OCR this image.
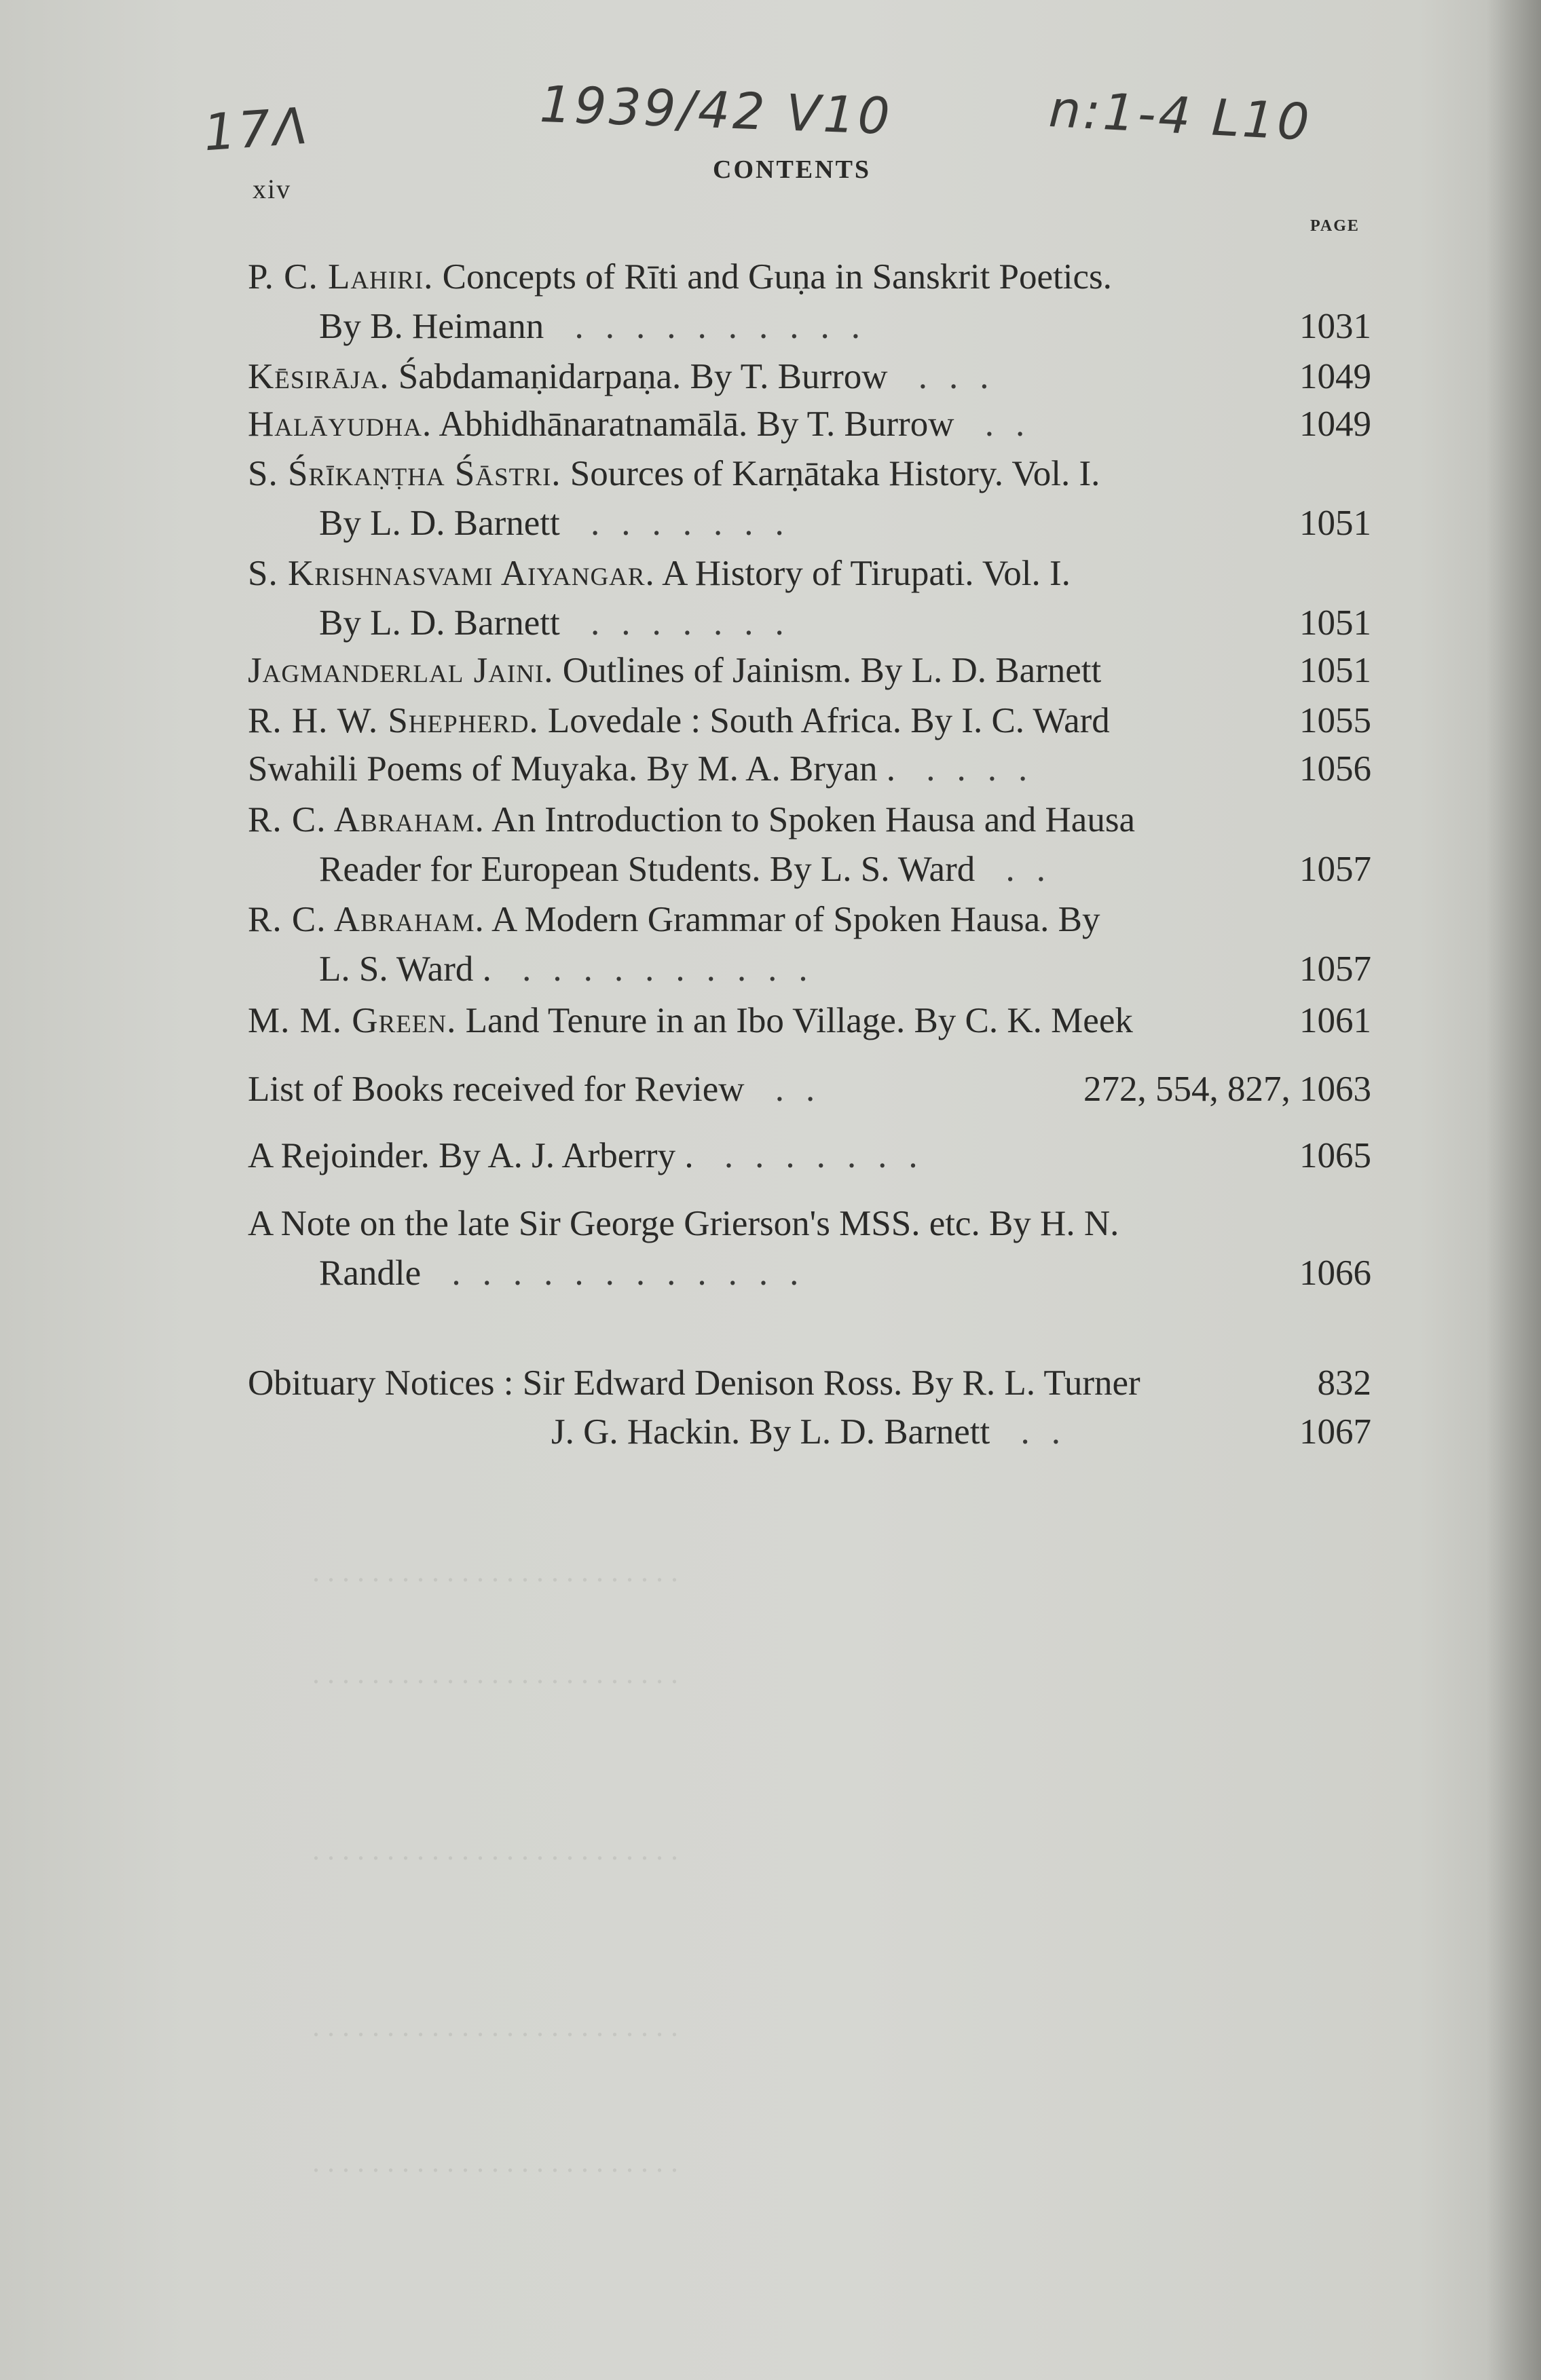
. . . . . . . . . . . . . . . . . . . . . . . . .
. . . . . . . . . . . . . . . . . . . . . . . . .
. . . . . . . . . . . . . . . . . . . . . . . . .
. . . . . . . . . . . . . . . . . . . . . . . . .
. . . . . . . . . . . . . . . . . . . . . . . . .
17Λ	1939/42 V10	n:1-4 L10
xiv
CONTENTS
PAGE
P. C. Lahiri. Concepts of Rīti and Guṇa in Sanskrit Poetics.
By B. Heimann ..........	1031
Kēsirāja. Śabdamaṇidarpaṇa. By T. Burrow ...	1049
Halāyudha. Abhidhānaratnamālā. By T. Burrow ..	1049
S. Śrīkaṇṭha Śāstri. Sources of Karṇātaka History. Vol. I.
By L. D. Barnett .......	1051
S. Krishnasvami Aiyangar. A History of Tirupati. Vol. I.
By L. D. Barnett .......	1051
Jagmanderlal Jaini. Outlines of Jainism. By L. D. Barnett	1051
R. H. W. Shepherd. Lovedale : South Africa. By I. C. Ward	1055
Swahili Poems of Muyaka. By M. A. Bryan . ....	1056
R. C. Abraham. An Introduction to Spoken Hausa and Hausa
Reader for European Students. By L. S. Ward ..	1057
R. C. Abraham. A Modern Grammar of Spoken Hausa. By
L. S. Ward . ..........	1057
M. M. Green. Land Tenure in an Ibo Village. By C. K. Meek	1061
List of Books received for Review ..	272, 554, 827, 1063
A Rejoinder. By A. J. Arberry . .......	1065
A Note on the late Sir George Grierson's MSS. etc. By H. N.
Randle ............	1066
Obituary Notices : Sir Edward Denison Ross. By R. L. Turner	832
J. G. Hackin. By L. D. Barnett ..	1067
